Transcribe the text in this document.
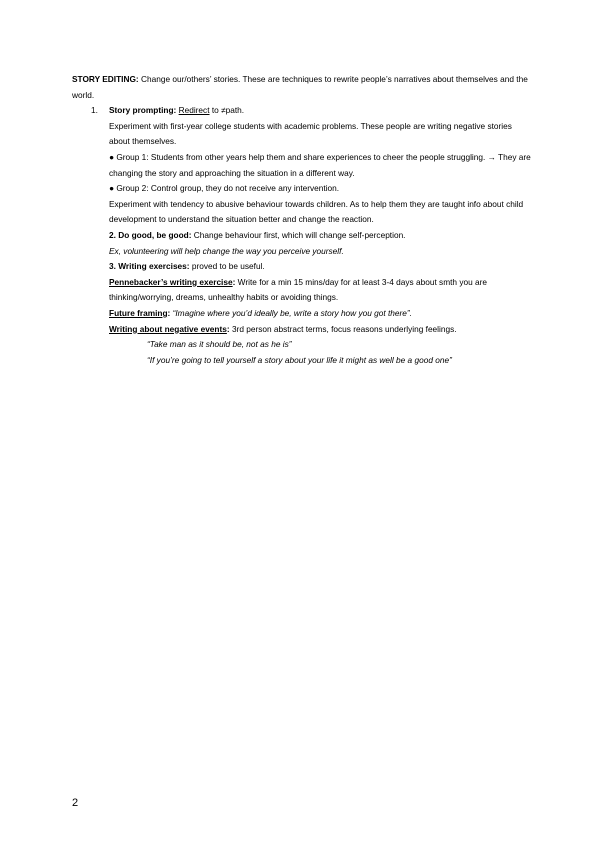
STORY EDITING: Change our/others’ stories. These are techniques to rewrite people’s narratives about themselves and the world.
1. Story prompting: Redirect to ≠path.
Experiment with first-year college students with academic problems. These people are writing negative stories about themselves.
● Group 1: Students from other years help them and share experiences to cheer the people struggling. → They are changing the story and approaching the situation in a different way.
● Group 2: Control group, they do not receive any intervention.
Experiment with tendency to abusive behaviour towards children. As to help them they are taught info about child development to understand the situation better and change the reaction.
2. Do good, be good: Change behaviour first, which will change self-perception.
Ex, volunteering will help change the way you perceive yourself.
3. Writing exercises: proved to be useful.
Pennebacker’s writing exercise: Write for a min 15 mins/day for at least 3-4 days about smth you are thinking/worrying, dreams, unhealthy habits or avoiding things.
Future framing: “Imagine where you’d ideally be, write a story how you got there”.
Writing about negative events: 3rd person abstract terms, focus reasons underlying feelings.
“Take man as it should be, not as he is”
“If you’re going to tell yourself a story about your life it might as well be a good one”
2
